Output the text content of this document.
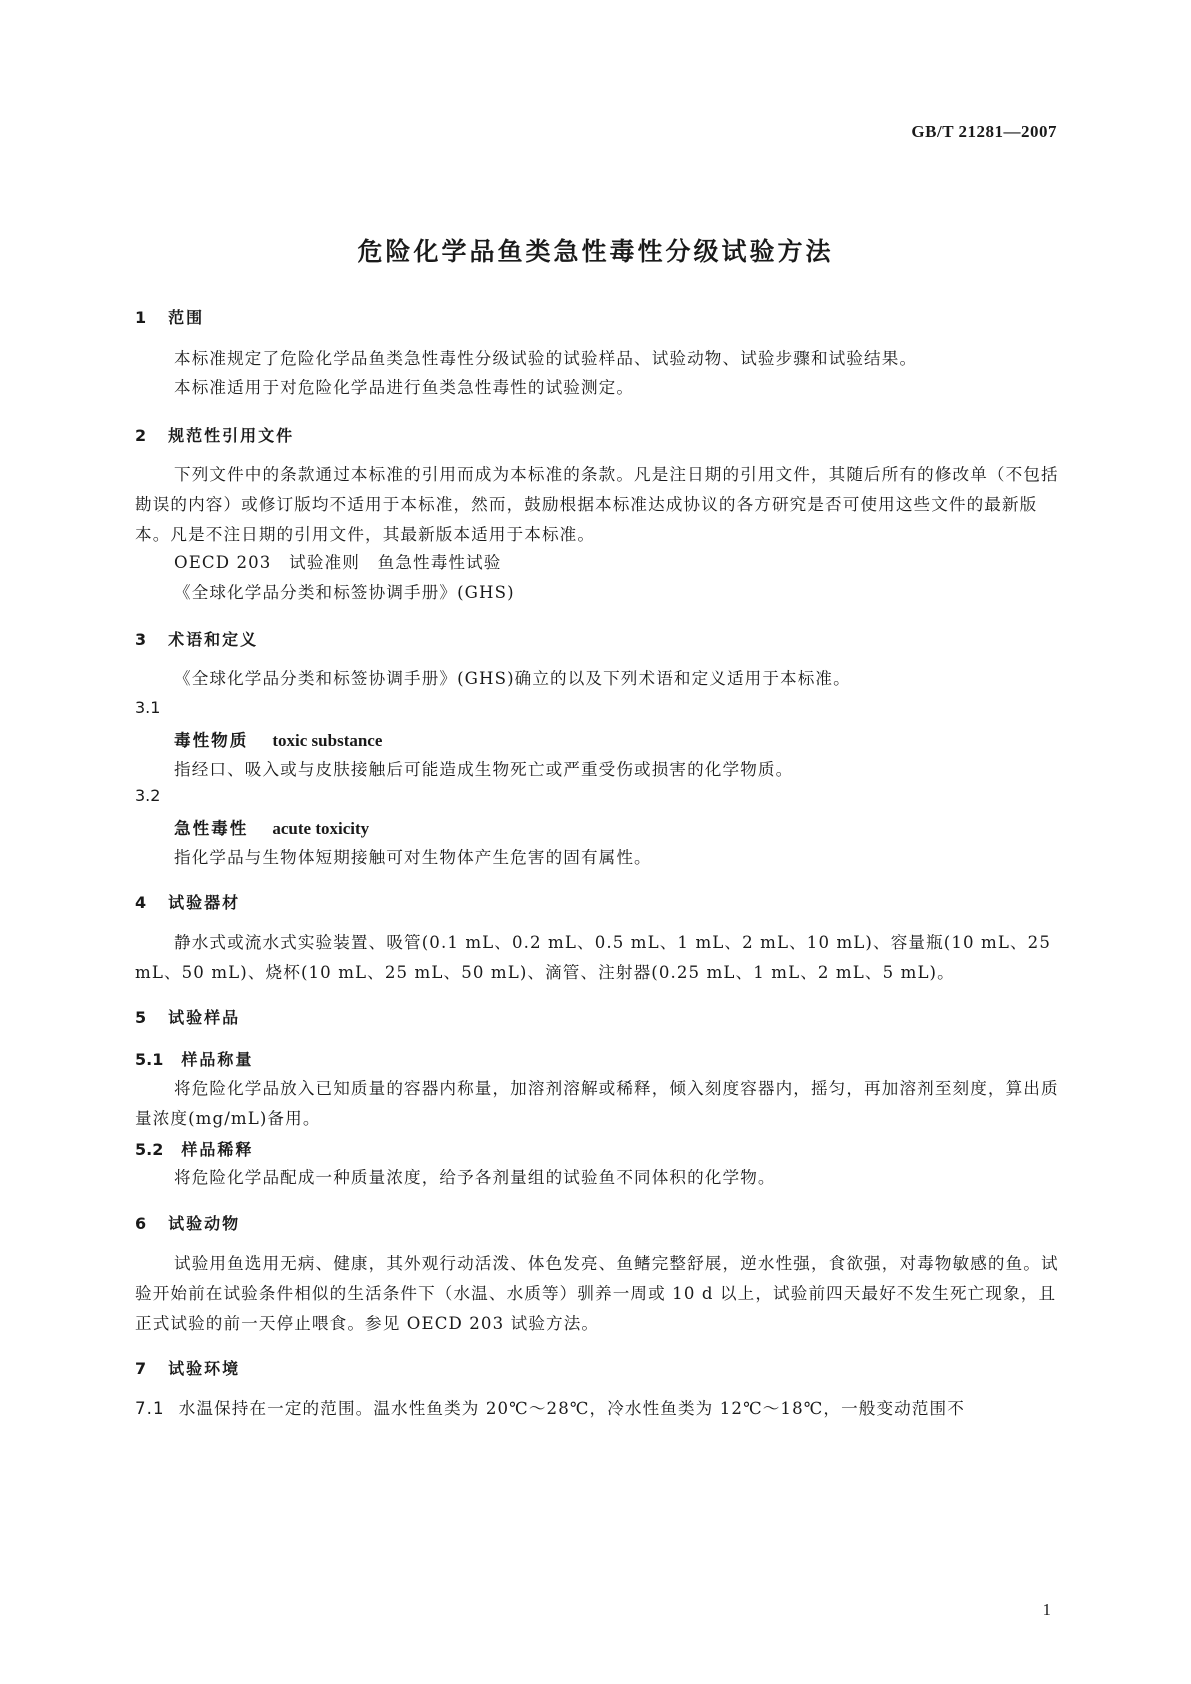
GB/T 21281—2007
危险化学品鱼类急性毒性分级试验方法
1 范围

本标准规定了危险化学品鱼类急性毒性分级试验的试验样品、试验动物、试验步骤和试验结果。

本标准适用于对危险化学品进行鱼类急性毒性的试验测定。

2 规范性引用文件

下列文件中的条款通过本标准的引用而成为本标准的条款。凡是注日期的引用文件，其随后所有的修改单（不包括勘误的内容）或修订版均不适用于本标准，然而，鼓励根据本标准达成协议的各方研究是否可使用这些文件的最新版本。凡是不注日期的引用文件，其最新版本适用于本标准。

OECD 203　试验准则　鱼急性毒性试验

《全球化学品分类和标签协调手册》(GHS)

3 术语和定义

《全球化学品分类和标签协调手册》(GHS)确立的以及下列术语和定义适用于本标准。

3.1
毒性物质 toxic substance

指经口、吸入或与皮肤接触后可能造成生物死亡或严重受伤或损害的化学物质。

3.2
急性毒性 acute toxicity

指化学品与生物体短期接触可对生物体产生危害的固有属性。

4 试验器材

静水式或流水式实验装置、吸管(0.1 mL、0.2 mL、0.5 mL、1 mL、2 mL、10 mL)、容量瓶(10 mL、25 mL、50 mL)、烧杯(10 mL、25 mL、50 mL)、滴管、注射器(0.25 mL、1 mL、2 mL、5 mL)。

5 试验样品
5.1 样品称量

将危险化学品放入已知质量的容器内称量，加溶剂溶解或稀释，倾入刻度容器内，摇匀，再加溶剂至刻度，算出质量浓度(mg/mL)备用。

5.2 样品稀释

将危险化学品配成一种质量浓度，给予各剂量组的试验鱼不同体积的化学物。

6 试验动物

试验用鱼选用无病、健康，其外观行动活泼、体色发亮、鱼鳍完整舒展，逆水性强，食欲强，对毒物敏感的鱼。试验开始前在试验条件相似的生活条件下（水温、水质等）驯养一周或 10 d 以上，试验前四天最好不发生死亡现象，且正式试验的前一天停止喂食。参见 OECD 203 试验方法。

7 试验环境

7.1 水温保持在一定的范围。温水性鱼类为 20℃～28℃，冷水性鱼类为 12℃～18℃，一般变动范围不

1
